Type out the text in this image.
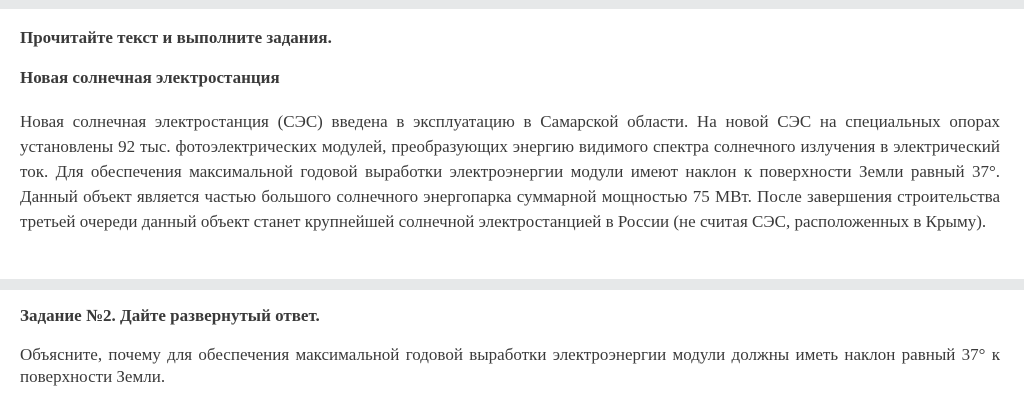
Прочитайте текст и выполните задания.

Новая солнечная электростанция

Новая солнечная электростанция (СЭС) введена в эксплуатацию в Самарской области. На новой СЭС на специальных опорах установлены 92 тыс. фотоэлектрических модулей, преобразующих энергию видимого спектра солнечного излучения в электрический ток. Для обеспечения максимальной годовой выработки электроэнергии модули имеют наклон к поверхности Земли равный 37°. Данный объект является частью большого солнечного энергопарка суммарной мощностью 75 МВт. После завершения строительства третьей очереди данный объект станет крупнейшей солнечной электростанцией в России (не считая СЭС, расположенных в Крыму).

Задание №2. Дайте развернутый ответ.

Объясните, почему для обеспечения максимальной годовой выработки электроэнергии модули должны иметь наклон равный 37° к поверхности Земли.
